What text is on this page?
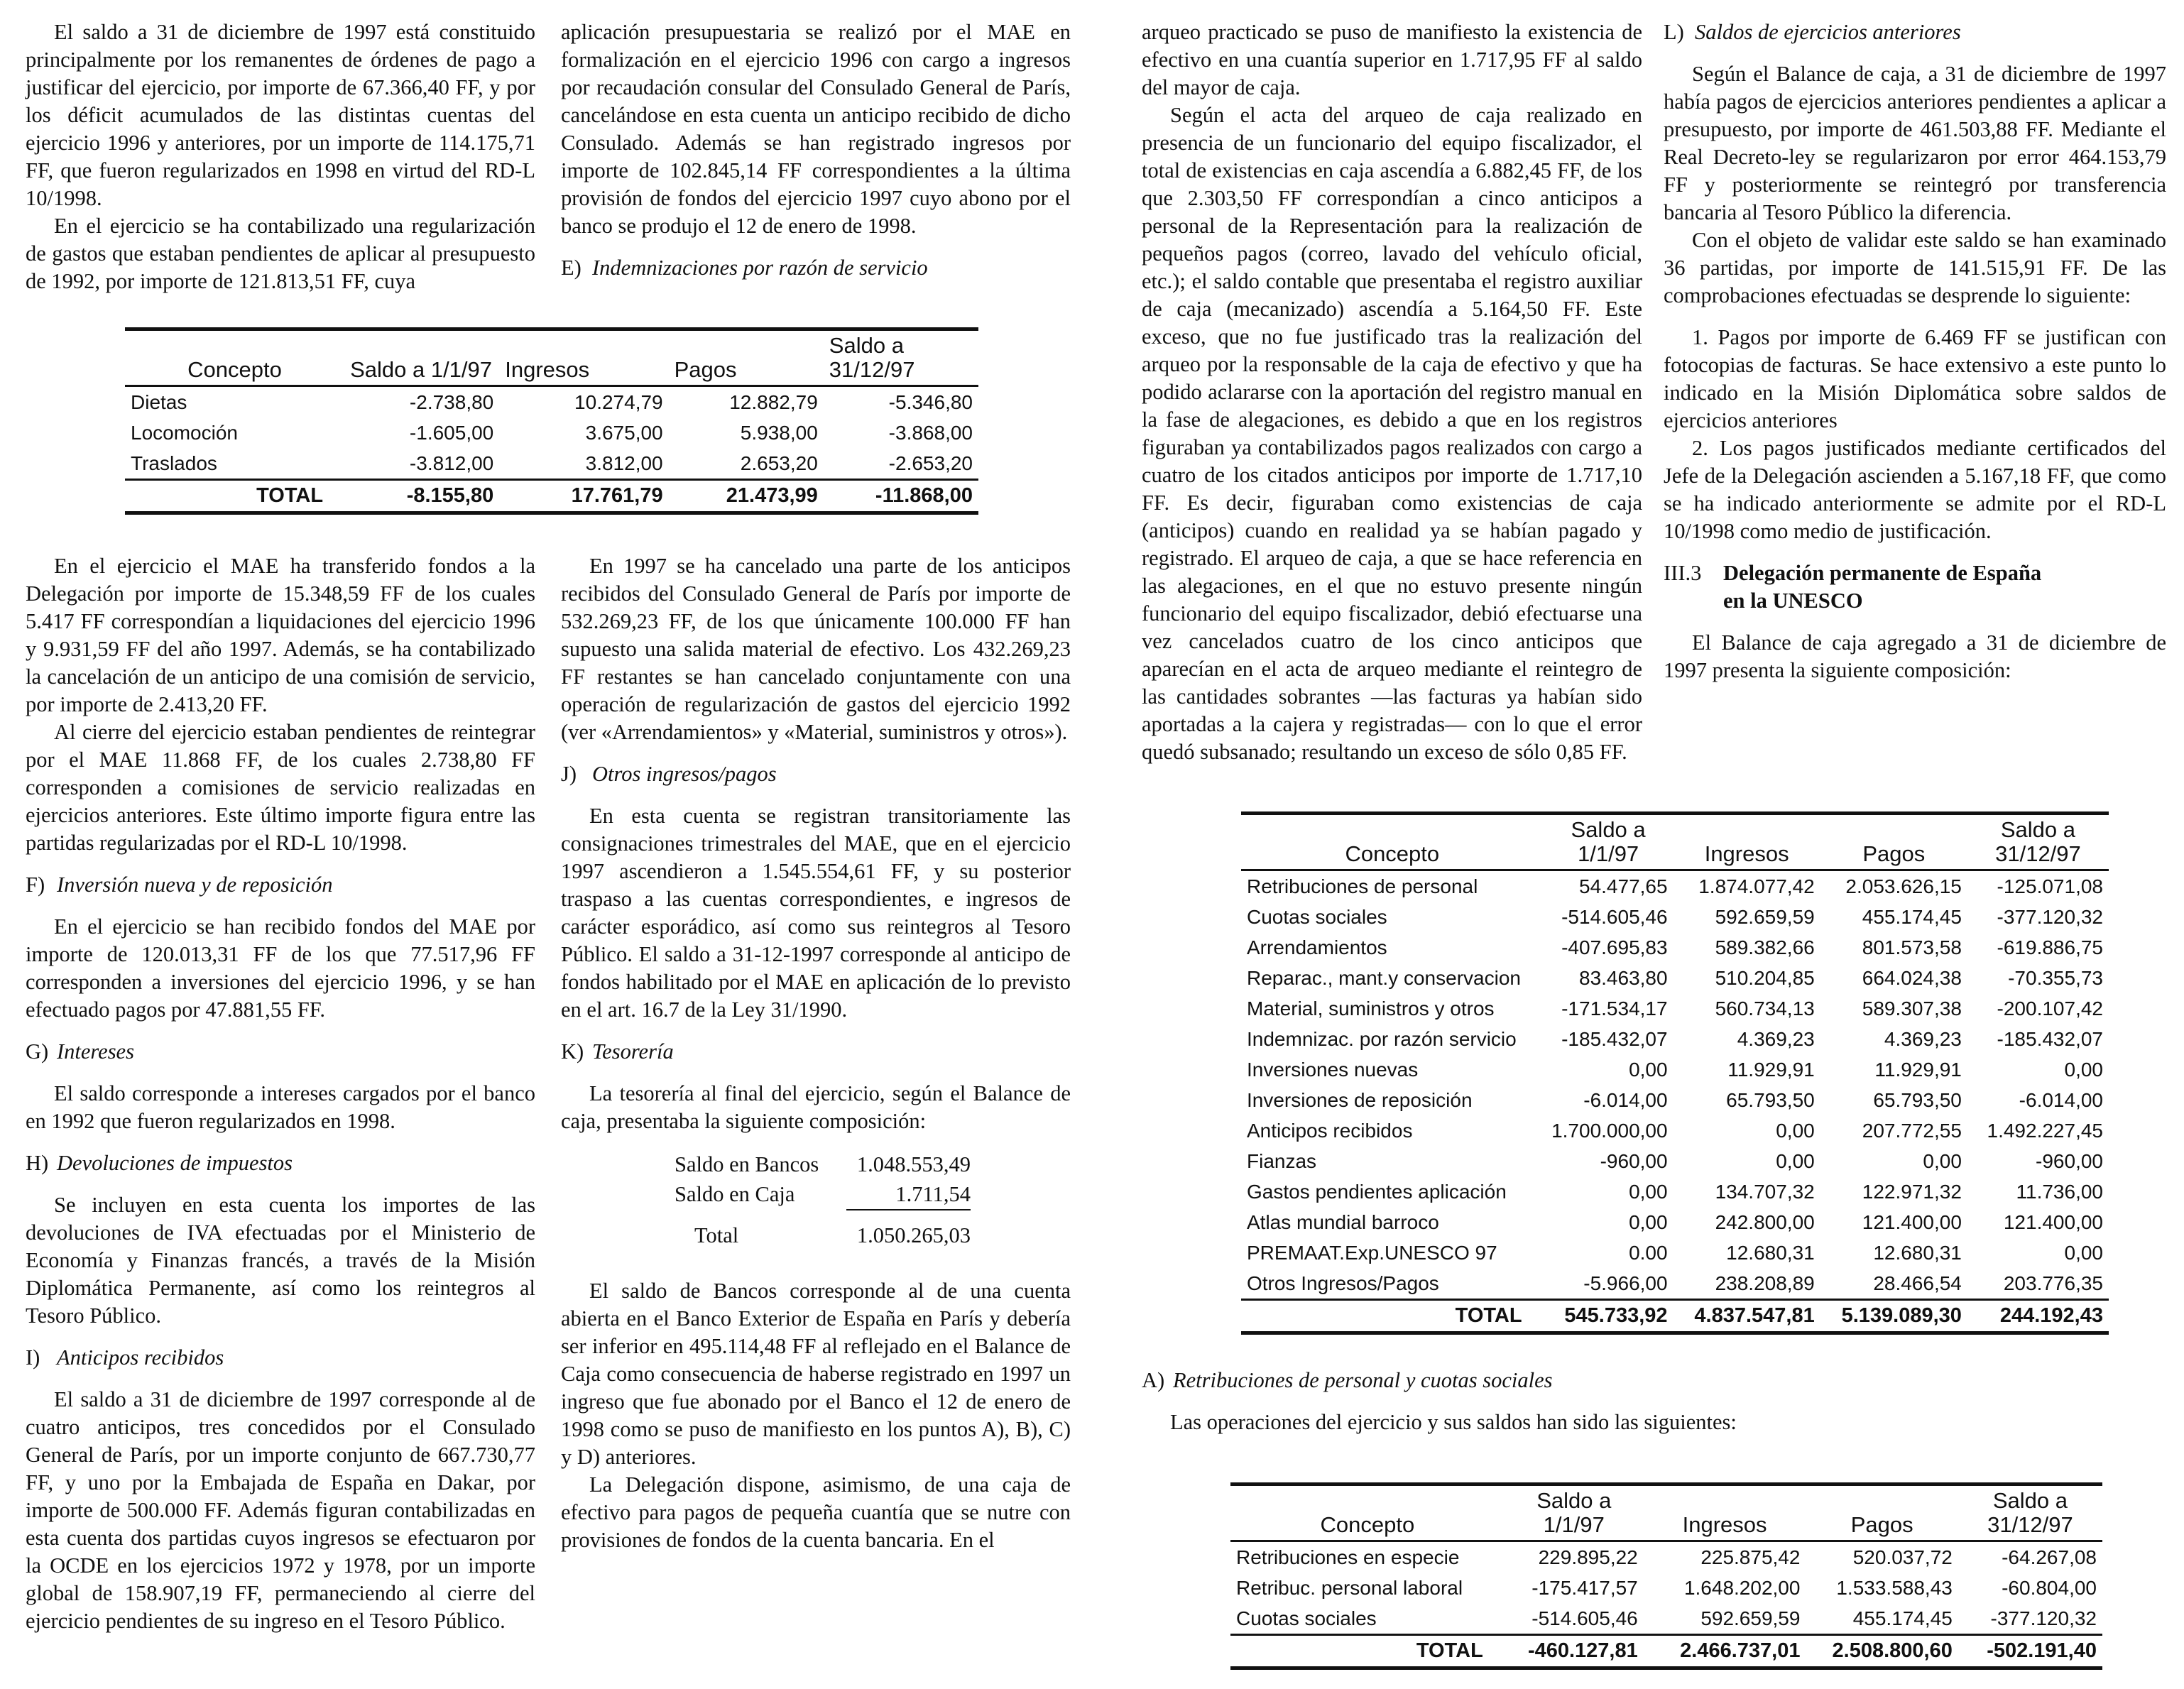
El saldo a 31 de diciembre de 1997 está constituido principalmente por los remanentes de órdenes de pago a justificar del ejercicio, por importe de 67.366,40 FF, y por los déficit acumulados de las distintas cuentas del ejercicio 1996 y anteriores, por un importe de 114.175,71 FF, que fueron regularizados en 1998 en virtud del RD-L 10/1998.

En el ejercicio se ha contabilizado una regularización de gastos que estaban pendientes de aplicar al presupuesto de 1992, por importe de 121.813,51 FF, cuya

aplicación presupuestaria se realizó por el MAE en formalización en el ejercicio 1996 con cargo a ingresos por recaudación consular del Consulado General de París, cancelándose en esta cuenta un anticipo recibido de dicho Consulado. Además se han registrado ingresos por importe de 102.845,14 FF correspondientes a la última provisión de fondos del ejercicio 1997 cuyo abono por el banco se produjo el 12 de enero de 1998.

E) Indemnizaciones por razón de servicio

Concepto	Saldo a 1/1/97	Ingresos	Pagos	Saldo a 31/12/97
Dietas	-2.738,80	10.274,79	12.882,79	-5.346,80
Locomoción	-1.605,00	3.675,00	5.938,00	-3.868,00
Traslados	-3.812,00	3.812,00	2.653,20	-2.653,20
TOTAL	-8.155,80	17.761,79	21.473,99	-11.868,00

En el ejercicio el MAE ha transferido fondos a la Delegación por importe de 15.348,59 FF de los cuales 5.417 FF correspondían a liquidaciones del ejercicio 1996 y 9.931,59 FF del año 1997. Además, se ha contabilizado la cancelación de un anticipo de una comisión de servicio, por importe de 2.413,20 FF.

Al cierre del ejercicio estaban pendientes de reintegrar por el MAE 11.868 FF, de los cuales 2.738,80 FF corresponden a comisiones de servicio realizadas en ejercicios anteriores. Este último importe figura entre las partidas regularizadas por el RD-L 10/1998.

F) Inversión nueva y de reposición

En el ejercicio se han recibido fondos del MAE por importe de 120.013,31 FF de los que 77.517,96 FF corresponden a inversiones del ejercicio 1996, y se han efectuado pagos por 47.881,55 FF.

G) Intereses

El saldo corresponde a intereses cargados por el banco en 1992 que fueron regularizados en 1998.

H) Devoluciones de impuestos

Se incluyen en esta cuenta los importes de las devoluciones de IVA efectuadas por el Ministerio de Economía y Finanzas francés, a través de la Misión Diplomática Permanente, así como los reintegros al Tesoro Público.

I) Anticipos recibidos

El saldo a 31 de diciembre de 1997 corresponde al de cuatro anticipos, tres concedidos por el Consulado General de París, por un importe conjunto de 667.730,77 FF, y uno por la Embajada de España en Dakar, por importe de 500.000 FF. Además figuran contabilizadas en esta cuenta dos partidas cuyos ingresos se efectuaron por la OCDE en los ejercicios 1972 y 1978, por un importe global de 158.907,19 FF, permaneciendo al cierre del ejercicio pendientes de su ingreso en el Tesoro Público.

En 1997 se ha cancelado una parte de los anticipos recibidos del Consulado General de París por importe de 532.269,23 FF, de los que únicamente 100.000 FF han supuesto una salida material de efectivo. Los 432.269,23 FF restantes se han cancelado conjuntamente con una operación de regularización de gastos del ejercicio 1992 (ver «Arrendamientos» y «Material, suministros y otros»).

J) Otros ingresos/pagos

En esta cuenta se registran transitoriamente las consignaciones trimestrales del MAE, que en el ejercicio 1997 ascendieron a 1.545.554,61 FF, y su posterior traspaso a las cuentas correspondientes, e ingresos de carácter esporádico, así como sus reintegros al Tesoro Público. El saldo a 31-12-1997 corresponde al anticipo de fondos habilitado por el MAE en aplicación de lo previsto en el art. 16.7 de la Ley 31/1990.

K) Tesorería

La tesorería al final del ejercicio, según el Balance de caja, presentaba la siguiente composición:

Saldo en Bancos	1.048.553,49
Saldo en Caja	1.711,54
Total	1.050.265,03

El saldo de Bancos corresponde al de una cuenta abierta en el Banco Exterior de España en París y debería ser inferior en 495.114,48 FF al reflejado en el Balance de Caja como consecuencia de haberse registrado en 1997 un ingreso que fue abonado por el Banco el 12 de enero de 1998 como se puso de manifiesto en los puntos A), B), C) y D) anteriores.

La Delegación dispone, asimismo, de una caja de efectivo para pagos de pequeña cuantía que se nutre con provisiones de fondos de la cuenta bancaria. En el

arqueo practicado se puso de manifiesto la existencia de efectivo en una cuantía superior en 1.717,95 FF al saldo del mayor de caja.

Según el acta del arqueo de caja realizado en presencia de un funcionario del equipo fiscalizador, el total de existencias en caja ascendía a 6.882,45 FF, de los que 2.303,50 FF correspondían a cinco anticipos a personal de la Representación para la realización de pequeños pagos (correo, lavado del vehículo oficial, etc.); el saldo contable que presentaba el registro auxiliar de caja (mecanizado) ascendía a 5.164,50 FF. Este exceso, que no fue justificado tras la realización del arqueo por la responsable de la caja de efectivo y que ha podido aclararse con la aportación del registro manual en la fase de alegaciones, es debido a que en los registros figuraban ya contabilizados pagos realizados con cargo a cuatro de los citados anticipos por importe de 1.717,10 FF. Es decir, figuraban como existencias de caja (anticipos) cuando en realidad ya se habían pagado y registrado. El arqueo de caja, a que se hace referencia en las alegaciones, en el que no estuvo presente ningún funcionario del equipo fiscalizador, debió efectuarse una vez cancelados cuatro de los cinco anticipos que aparecían en el acta de arqueo mediante el reintegro de las cantidades sobrantes —las facturas ya habían sido aportadas a la cajera y registradas— con lo que el error quedó subsanado; resultando un exceso de sólo 0,85 FF.

L) Saldos de ejercicios anteriores

Según el Balance de caja, a 31 de diciembre de 1997 había pagos de ejercicios anteriores pendientes a aplicar a presupuesto, por importe de 461.503,88 FF. Mediante el Real Decreto-ley se regularizaron por error 464.153,79 FF y posteriormente se reintegró por transferencia bancaria al Tesoro Público la diferencia.

Con el objeto de validar este saldo se han examinado 36 partidas, por importe de 141.515,91 FF. De las comprobaciones efectuadas se desprende lo siguiente:

1. Pagos por importe de 6.469 FF se justifican con fotocopias de facturas. Se hace extensivo a este punto lo indicado en la Misión Diplomática sobre saldos de ejercicios anteriores

2. Los pagos justificados mediante certificados del Jefe de la Delegación ascienden a 5.167,18 FF, que como se ha indicado anteriormente se admite por el RD-L 10/1998 como medio de justificación.

III.3	Delegación permanente de España
en la UNESCO

El Balance de caja agregado a 31 de diciembre de 1997 presenta la siguiente composición:

Concepto	Saldo a 1/1/97	Ingresos	Pagos	Saldo a 31/12/97
Retribuciones de personal	54.477,65	1.874.077,42	2.053.626,15	-125.071,08
Cuotas sociales	-514.605,46	592.659,59	455.174,45	-377.120,32
Arrendamientos	-407.695,83	589.382,66	801.573,58	-619.886,75
Reparac., mant.y conservacion	83.463,80	510.204,85	664.024,38	-70.355,73
Material, suministros y otros	-171.534,17	560.734,13	589.307,38	-200.107,42
Indemnizac. por razón servicio	-185.432,07	4.369,23	4.369,23	-185.432,07
Inversiones nuevas	0,00	11.929,91	11.929,91	0,00
Inversiones de reposición	-6.014,00	65.793,50	65.793,50	-6.014,00
Anticipos recibidos	1.700.000,00	0,00	207.772,55	1.492.227,45
Fianzas	-960,00	0,00	0,00	-960,00
Gastos pendientes aplicación	0,00	134.707,32	122.971,32	11.736,00
Atlas mundial barroco	0,00	242.800,00	121.400,00	121.400,00
PREMAAT.Exp.UNESCO 97	0.00	12.680,31	12.680,31	0,00
Otros Ingresos/Pagos	-5.966,00	238.208,89	28.466,54	203.776,35
TOTAL	545.733,92	4.837.547,81	5.139.089,30	244.192,43

A) Retribuciones de personal y cuotas sociales

Las operaciones del ejercicio y sus saldos han sido las siguientes:

Concepto	Saldo a 1/1/97	Ingresos	Pagos	Saldo a 31/12/97
Retribuciones en especie	229.895,22	225.875,42	520.037,72	-64.267,08
Retribuc. personal laboral	-175.417,57	1.648.202,00	1.533.588,43	-60.804,00
Cuotas sociales	-514.605,46	592.659,59	455.174,45	-377.120,32
TOTAL	-460.127,81	2.466.737,01	2.508.800,60	-502.191,40
